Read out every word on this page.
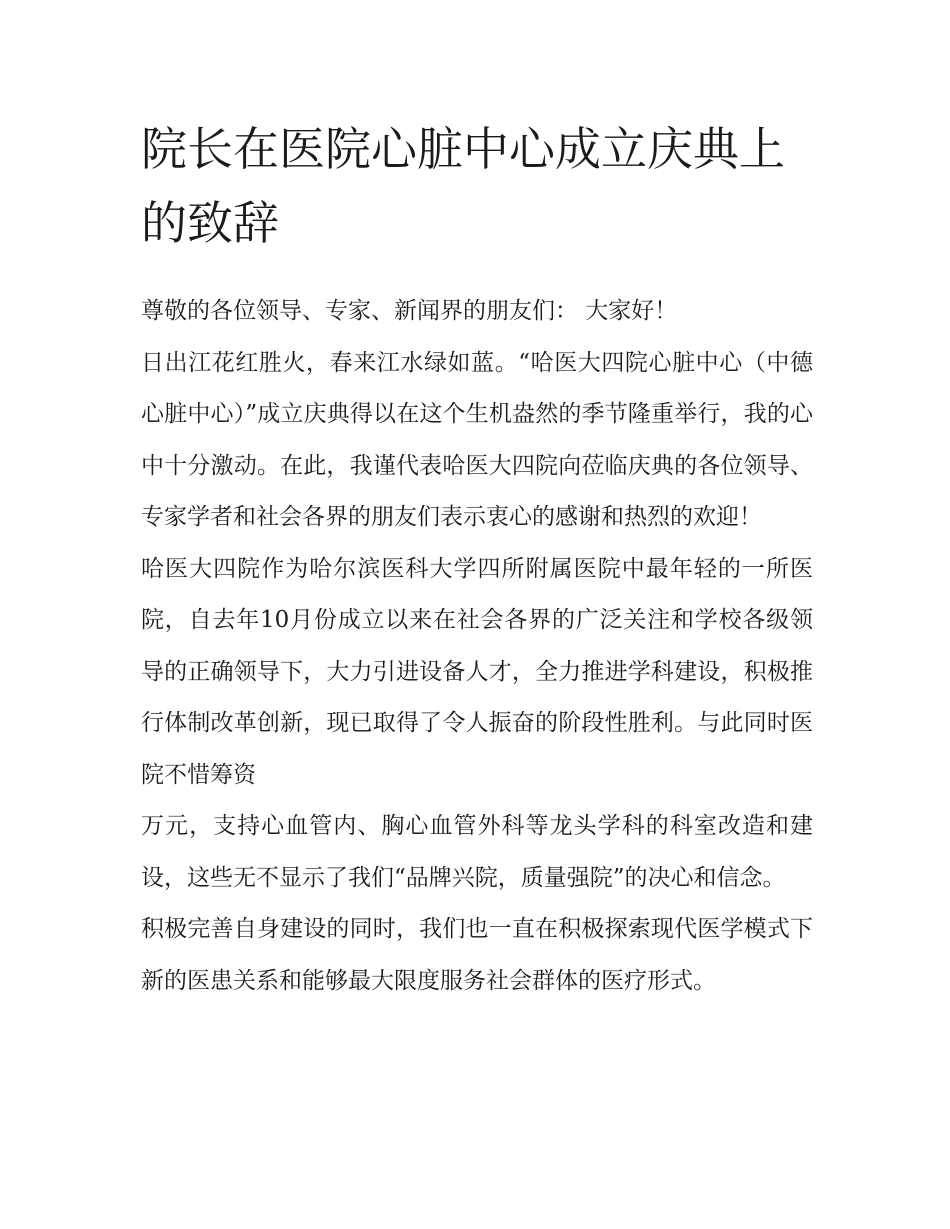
院长在医院心脏中心成立庆典上的致辞

尊敬的各位领导、专家、新闻界的朋友们： 大家好！

日出江花红胜火，春来江水绿如蓝。“哈医大四院心脏中心（中德心脏中心）”成立庆典得以在这个生机盎然的季节隆重举行，我的心中十分激动。在此，我谨代表哈医大四院向莅临庆典的各位领导、专家学者和社会各界的朋友们表示衷心的感谢和热烈的欢迎！

哈医大四院作为哈尔滨医科大学四所附属医院中最年轻的一所医院，自去年10月份成立以来在社会各界的广泛关注和学校各级领导的正确领导下，大力引进设备人才，全力推进学科建设，积极推行体制改革创新，现已取得了令人振奋的阶段性胜利。与此同时医院不惜筹资

万元，支持心血管内、胸心血管外科等龙头学科的科室改造和建设，这些无不显示了我们“品牌兴院，质量强院”的决心和信念。

积极完善自身建设的同时，我们也一直在积极探索现代医学模式下新的医患关系和能够最大限度服务社会群体的医疗形式。
